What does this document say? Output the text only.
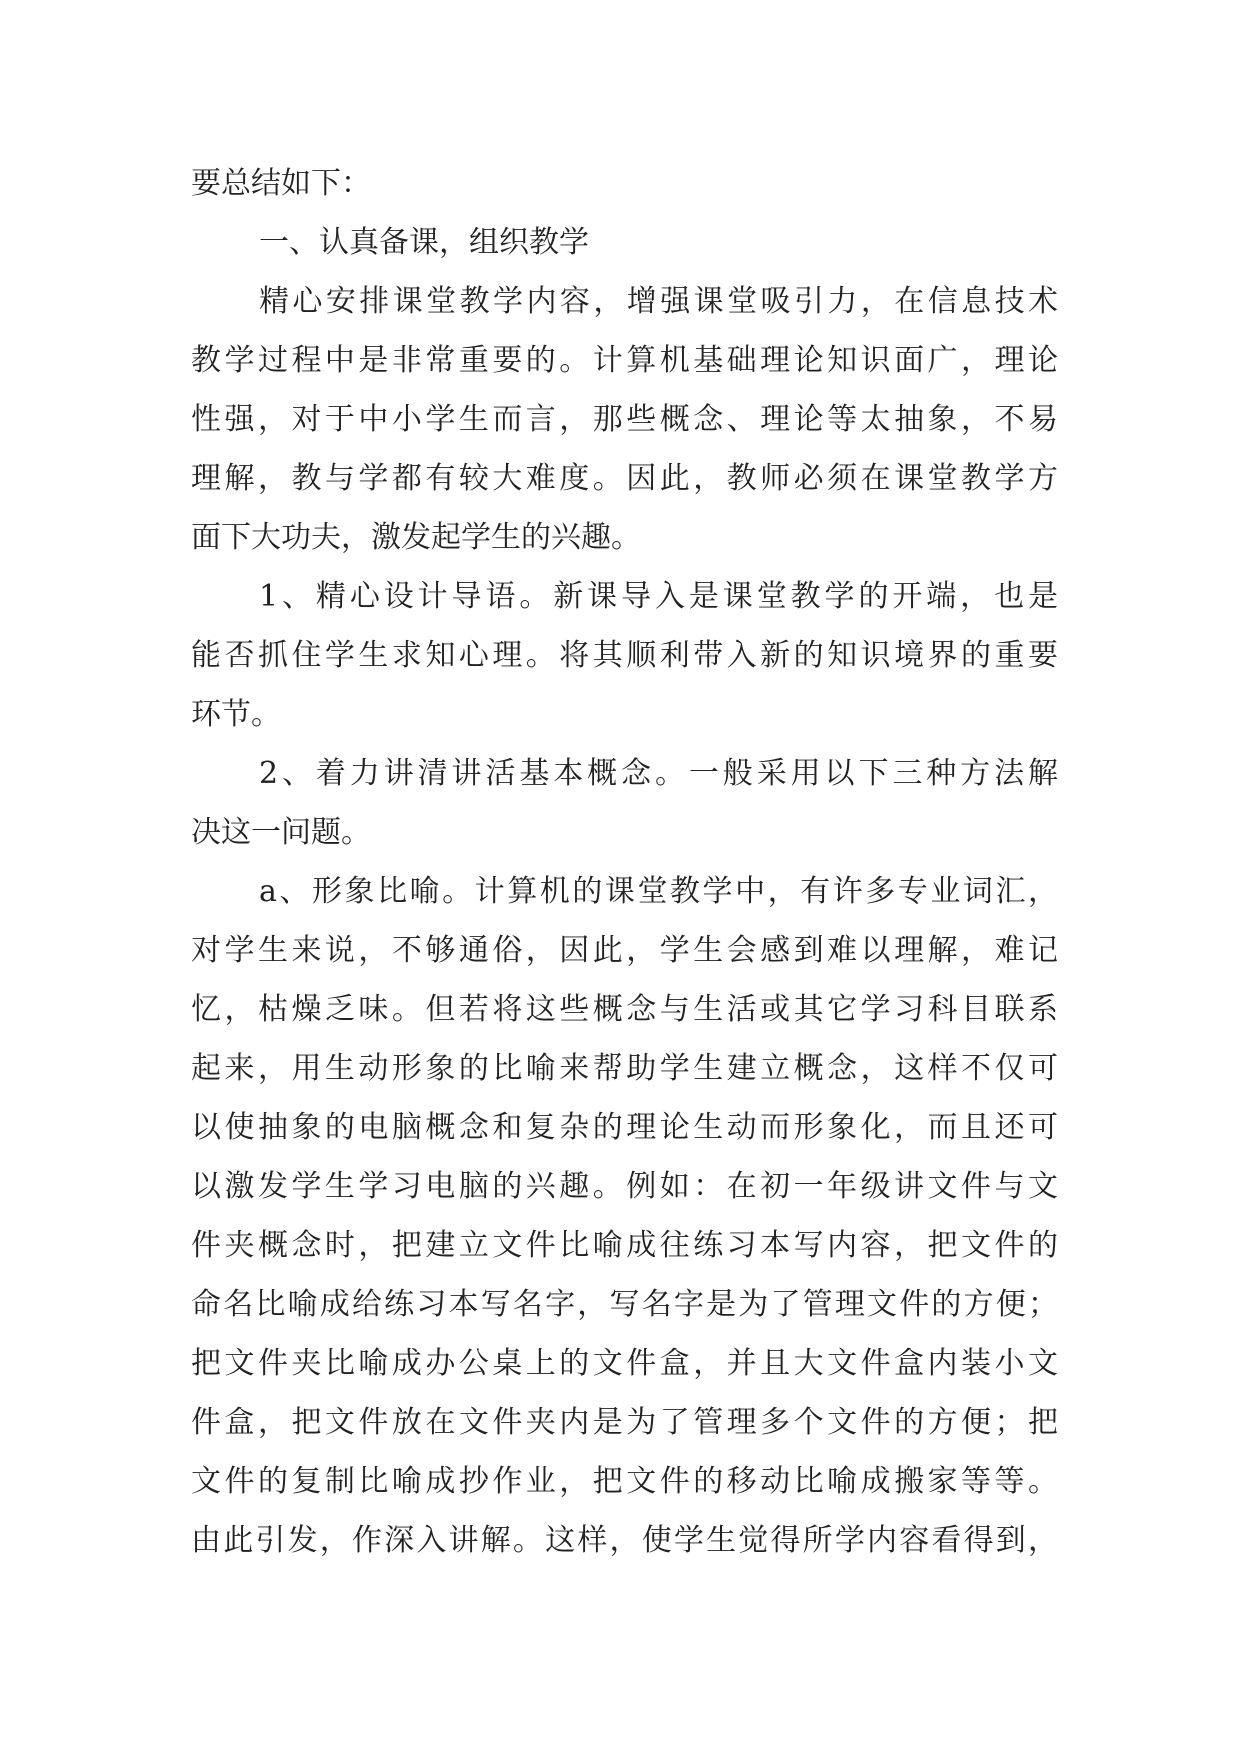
要总结如下：
一、认真备课，组织教学
精心安排课堂教学内容，增强课堂吸引力，在信息技术
教学过程中是非常重要的。计算机基础理论知识面广，理论
性强，对于中小学生而言，那些概念、理论等太抽象，不易
理解，教与学都有较大难度。因此，教师必须在课堂教学方
面下大功夫，激发起学生的兴趣。
1、精心设计导语。新课导入是课堂教学的开端，也是
能否抓住学生求知心理。将其顺利带入新的知识境界的重要
环节。
2、着力讲清讲活基本概念。一般采用以下三种方法解
决这一问题。
a、形象比喻。计算机的课堂教学中，有许多专业词汇，
对学生来说，不够通俗，因此，学生会感到难以理解，难记
忆，枯燥乏味。但若将这些概念与生活或其它学习科目联系
起来，用生动形象的比喻来帮助学生建立概念，这样不仅可
以使抽象的电脑概念和复杂的理论生动而形象化，而且还可
以激发学生学习电脑的兴趣。例如：在初一年级讲文件与文
件夹概念时，把建立文件比喻成往练习本写内容，把文件的
命名比喻成给练习本写名字，写名字是为了管理文件的方便；
把文件夹比喻成办公桌上的文件盒，并且大文件盒内装小文
件盒，把文件放在文件夹内是为了管理多个文件的方便；把
文件的复制比喻成抄作业，把文件的移动比喻成搬家等等。
由此引发，作深入讲解。这样，使学生觉得所学内容看得到，
